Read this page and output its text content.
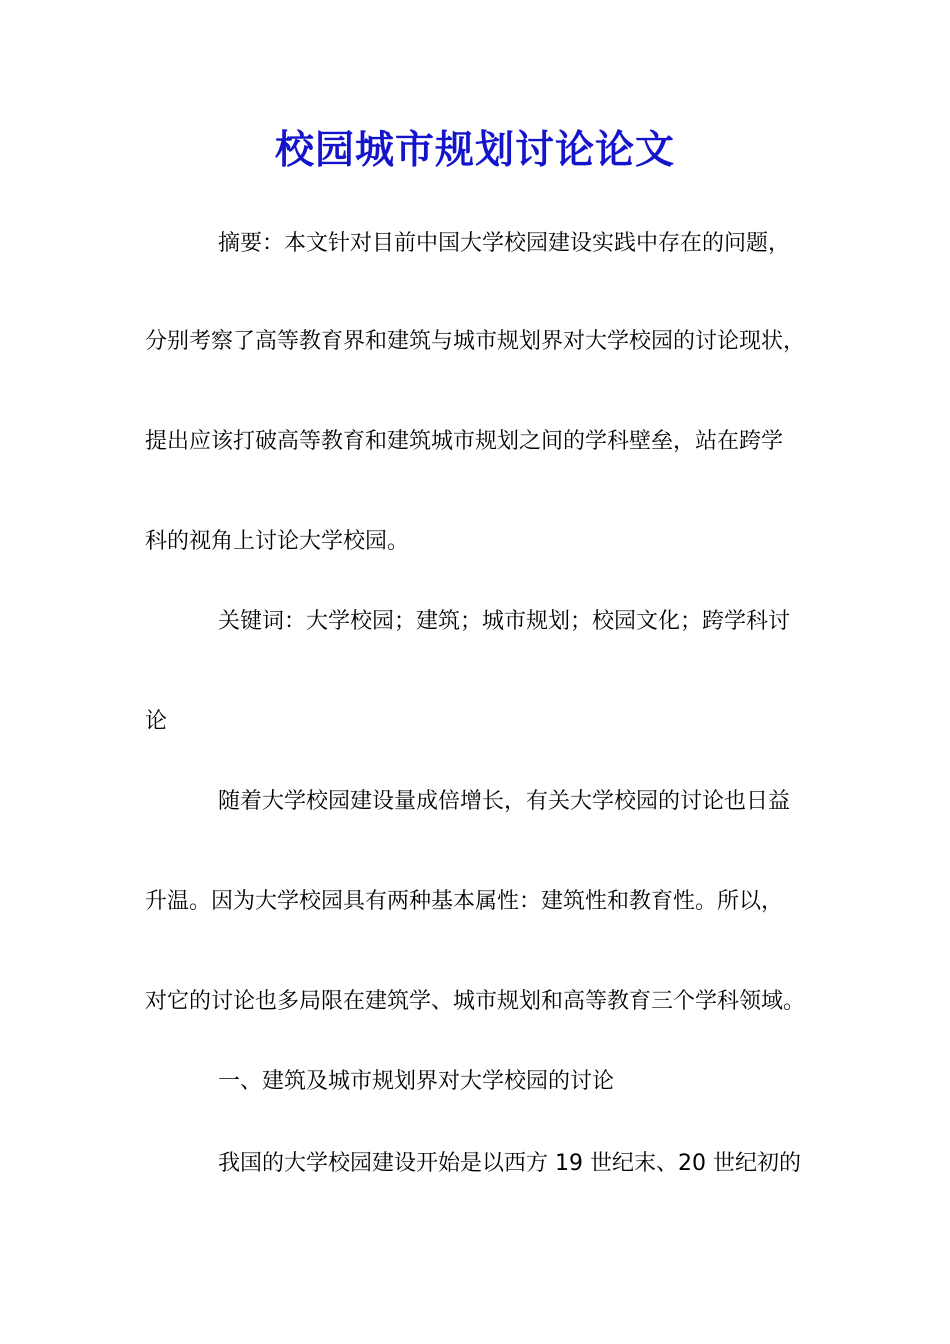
校园城市规划讨论论文

摘要：本文针对目前中国大学校园建设实践中存在的问题，

分别考察了高等教育界和建筑与城市规划界对大学校园的讨论现状，

提出应该打破高等教育和建筑城市规划之间的学科壁垒，站在跨学

科的视角上讨论大学校园。

关键词：大学校园；建筑；城市规划；校园文化；跨学科讨

论

随着大学校园建设量成倍增长，有关大学校园的讨论也日益

升温。因为大学校园具有两种基本属性：建筑性和教育性。所以，

对它的讨论也多局限在建筑学、城市规划和高等教育三个学科领域。

一、建筑及城市规划界对大学校园的讨论

我国的大学校园建设开始是以西方 19 世纪末、20 世纪初的
